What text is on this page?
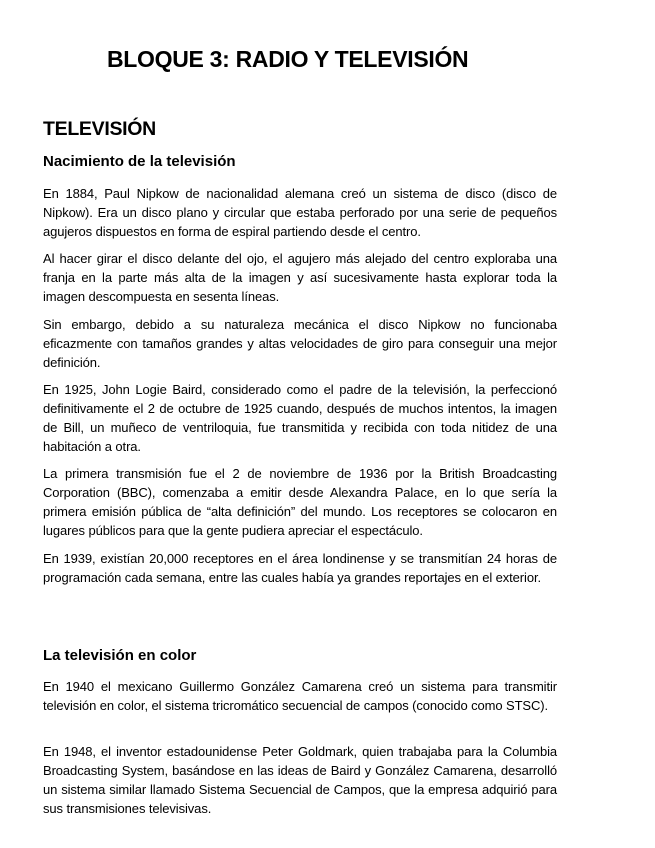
BLOQUE 3: RADIO Y TELEVISIÓN
TELEVISIÓN
Nacimiento de la televisión

En 1884, Paul Nipkow de nacionalidad alemana creó un sistema de disco (disco de Nipkow). Era un disco plano y circular que estaba perforado por una serie de pequeños agujeros dispuestos en forma de espiral partiendo desde el centro.

Al hacer girar el disco delante del ojo, el agujero más alejado del centro exploraba una franja en la parte más alta de la imagen y así sucesivamente hasta explorar toda la imagen descompuesta en sesenta líneas.

Sin embargo, debido a su naturaleza mecánica el disco Nipkow no funcionaba eficazmente con tamaños grandes y altas velocidades de giro para conseguir una mejor definición.

En 1925, John Logie Baird, considerado como el padre de la televisión, la perfeccionó definitivamente el 2 de octubre de 1925 cuando, después de muchos intentos, la imagen de Bill, un muñeco de ventriloquia, fue transmitida y recibida con toda nitidez de una habitación a otra.

La primera transmisión fue el 2 de noviembre de 1936 por la British Broadcasting Corporation (BBC), comenzaba a emitir desde Alexandra Palace, en lo que sería la primera emisión pública de “alta definición” del mundo. Los receptores se colocaron en lugares públicos para que la gente pudiera apreciar el espectáculo.

En 1939, existían 20,000 receptores en el área londinense y se transmitían 24 horas de programación cada semana, entre las cuales había ya grandes reportajes en el exterior.

La televisión en color

En 1940 el mexicano Guillermo González Camarena creó un sistema para transmitir televisión en color, el sistema tricromático secuencial de campos (conocido como STSC).

En 1948, el inventor estadounidense Peter Goldmark, quien trabajaba para la Columbia Broadcasting System, basándose en las ideas de Baird y González Camarena, desarrolló un sistema similar llamado Sistema Secuencial de Campos, que la empresa adquirió para sus transmisiones televisivas.
